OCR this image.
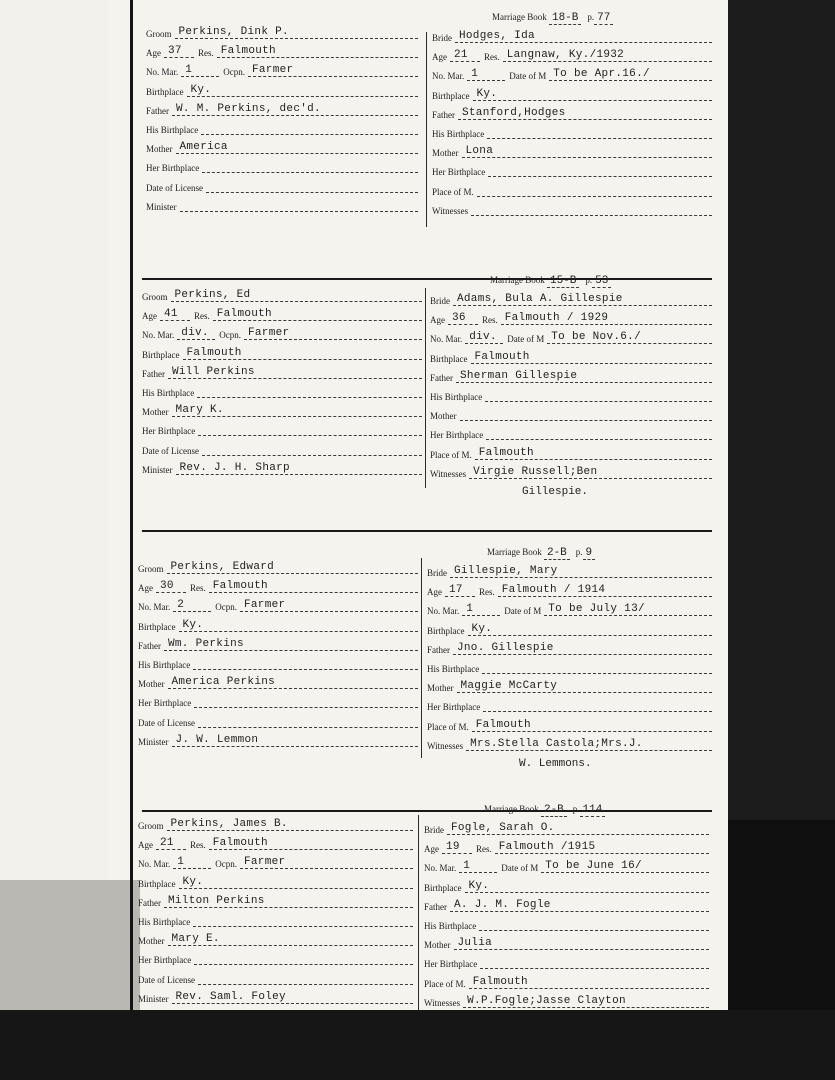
Groom Perkins, Dink P.
Age 37	Res. Falmouth
No. Mar. 1	Ocpn. Farmer
Birthplace Ky.
Father W. M. Perkins, dec'd.
His Birthplace
Mother America
Her Birthplace
Date of License
Minister
Marriage Book 18-B p. 77
Bride Hodges, Ida
Age 21	Res. Langnaw, Ky./1932
No. Mar. 1	Date of M To be Apr.16./
Birthplace Ky.
Father Stanford,Hodges
His Birthplace
Mother Lona
Her Birthplace
Place of M.
Witnesses
Groom Perkins, Ed
Age 41	Res. Falmouth
No. Mar. div.	Ocpn. Farmer
Birthplace Falmouth
Father Will Perkins
His Birthplace
Mother Mary K.
Her Birthplace
Date of License
Minister Rev. J. H. Sharp
Marriage Book 15-B p. 53
Bride Adams, Bula A. Gillespie
Age 36	Res. Falmouth / 1929
No. Mar. div.	Date of M To be Nov.6./
Birthplace Falmouth
Father Sherman Gillespie
His Birthplace
Mother
Her Birthplace
Place of M. Falmouth
Witnesses Virgie Russell;Ben
Gillespie.
Groom Perkins, Edward
Age 30	Res. Falmouth
No. Mar. 2	Ocpn. Farmer
Birthplace Ky.
Father Wm. Perkins
His Birthplace
Mother America Perkins
Her Birthplace
Date of License
Minister J. W. Lemmon
Marriage Book 2-B p. 9
Bride Gillespie, Mary
Age 17	Res. Falmouth / 1914
No. Mar. 1	Date of M To be July 13/
Birthplace Ky.
Father Jno. Gillespie
His Birthplace
Mother Maggie McCarty
Her Birthplace
Place of M. Falmouth
Witnesses Mrs.Stella Castola;Mrs.J.
W. Lemmons.
Groom Perkins, James B.
Age 21	Res. Falmouth
No. Mar. 1	Ocpn. Farmer
Birthplace Ky.
Father Milton Perkins
His Birthplace
Mother Mary E.
Her Birthplace
Date of License
Minister Rev. Saml. Foley
Marriage Book 2-B p. 114
Bride Fogle, Sarah O.
Age 19	Res. Falmouth /1915
No. Mar. 1	Date of M To be June 16/
Birthplace Ky.
Father A. J. M. Fogle
His Birthplace
Mother Julia
Her Birthplace
Place of M. Falmouth
Witnesses W.P.Fogle;Jasse Clayton
